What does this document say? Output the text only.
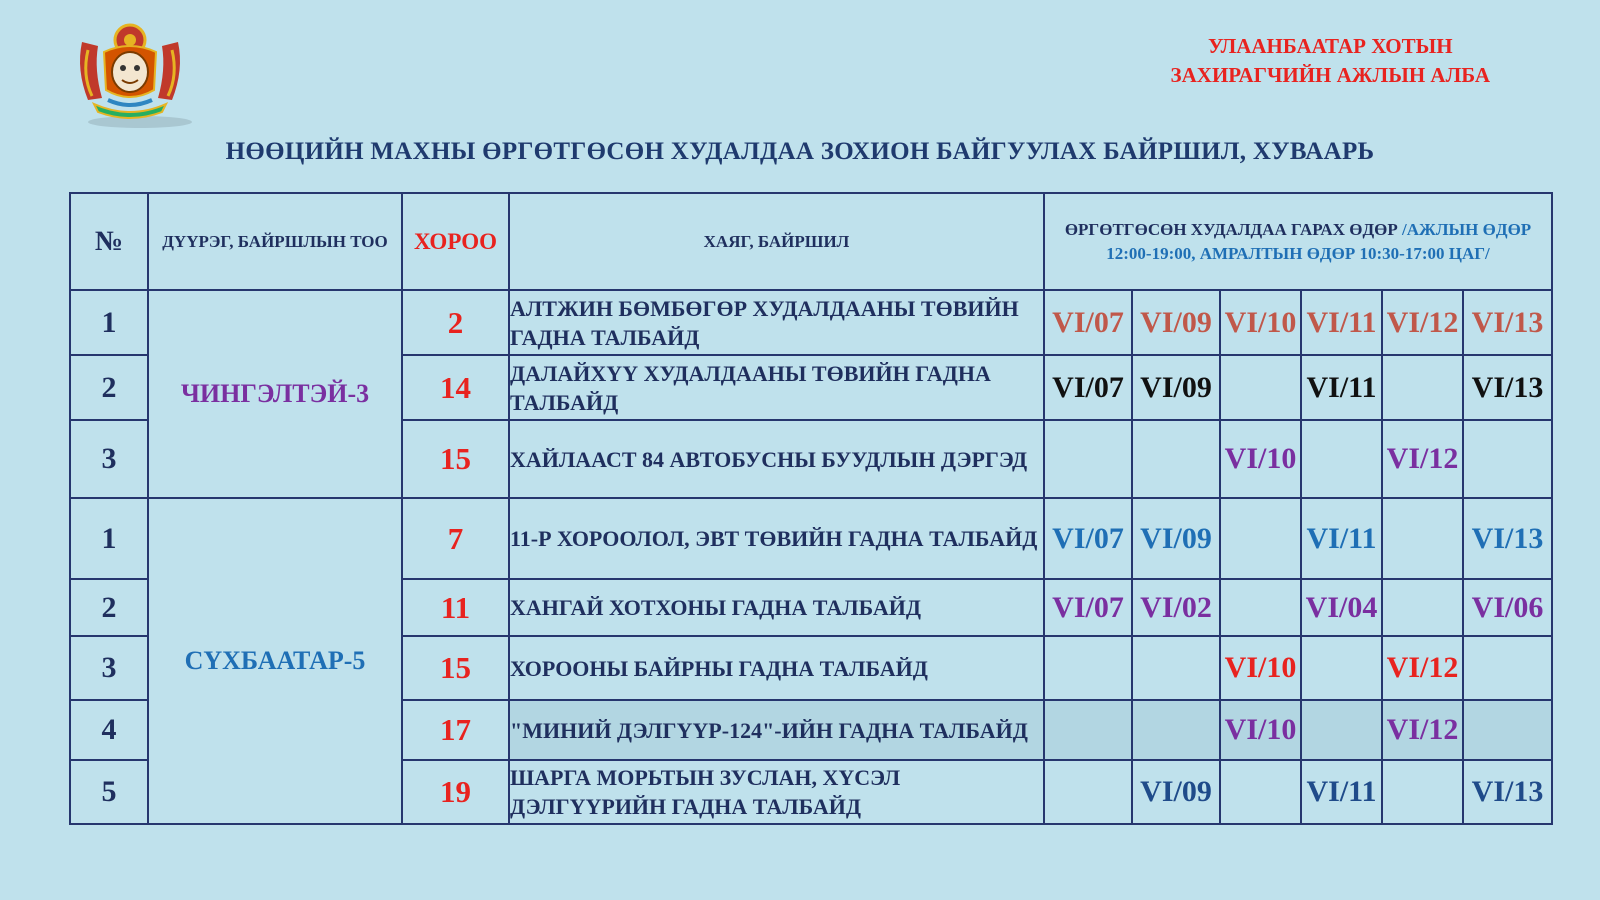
УЛААНБААТАР ХОТЫН
ЗАХИРАГЧИЙН АЖЛЫН АЛБА
НӨӨЦИЙН МАХНЫ ӨРГӨТГӨСӨН ХУДАЛДАА ЗОХИОН БАЙГУУЛАХ БАЙРШИЛ, ХУВААРЬ
№	ДҮҮРЭГ, БАЙРШЛЫН ТОО	ХОРОО	ХАЯГ, БАЙРШИЛ	ӨРГӨТГӨСӨН ХУДАЛДАА ГАРАХ ӨДӨР /АЖЛЫН ӨДӨР 12:00-19:00, АМРАЛТЫН ӨДӨР 10:30-17:00 ЦАГ/					
1	ЧИНГЭЛТЭЙ-3	2	АЛТЖИН БӨМБӨГӨР ХУДАЛДААНЫ ТӨВИЙН ГАДНА ТАЛБАЙД	VI/07	VI/09	VI/10	VI/11	VI/12	VI/13
2		14	ДАЛАЙХҮҮ ХУДАЛДААНЫ ТӨВИЙН ГАДНА ТАЛБАЙД	VI/07	VI/09		VI/11		VI/13
3		15	ХАЙЛААСТ 84 АВТОБУСНЫ БУУДЛЫН ДЭРГЭД			VI/10		VI/12	
1	СҮХБААТАР-5	7	11-Р ХОРООЛОЛ, ЭВТ ТӨВИЙН ГАДНА ТАЛБАЙД	VI/07	VI/09		VI/11		VI/13
2		11	ХАНГАЙ ХОТХОНЫ ГАДНА ТАЛБАЙД	VI/07	VI/02		VI/04		VI/06
3		15	ХОРООНЫ БАЙРНЫ ГАДНА ТАЛБАЙД			VI/10		VI/12	
4		17	"МИНИЙ ДЭЛГҮҮР-124"-ИЙН ГАДНА ТАЛБАЙД			VI/10		VI/12	
5		19	ШАРГА МОРЬТЫН ЗУСЛАН, ХҮСЭЛ ДЭЛГҮҮРИЙН ГАДНА ТАЛБАЙД		VI/09		VI/11		VI/13
